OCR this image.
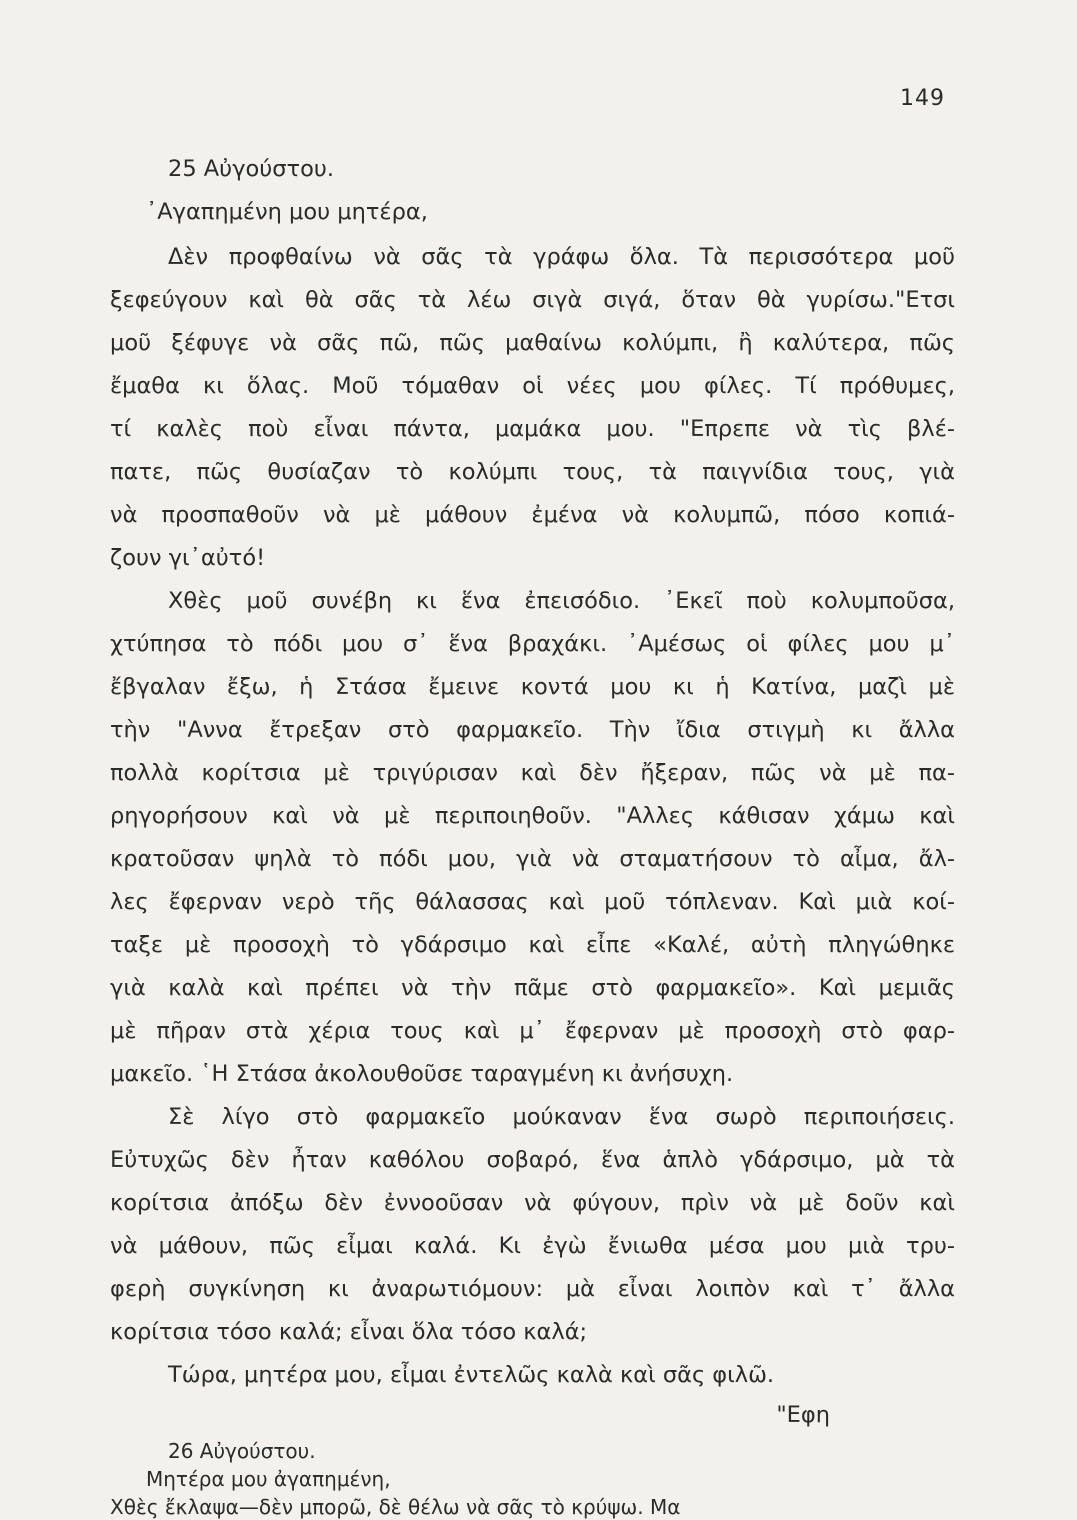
149
25 Αὐγούστου.
᾿Αγαπημένη μου μητέρα,
Δὲν προφθαίνω νὰ σᾶς τὰ γράφω ὅλα. Τὰ περισσότερα μοῦ
ξεφεύγουν καὶ θὰ σᾶς τὰ λέω σιγὰ σιγά, ὅταν θὰ γυρίσω."Ετσι
μοῦ ξέφυγε νὰ σᾶς πῶ, πῶς μαθαίνω κολύμπι, ἢ καλύτερα, πῶς
ἔμαθα κι ὅλας. Μοῦ τόμαθαν οἱ νέες μου φίλες. Τί πρόθυμες,
τί καλὲς ποὺ εἶναι πάντα, μαμάκα μου. "Επρεπε νὰ τὶς βλέ-
πατε, πῶς θυσίαζαν τὸ κολύμπι τους, τὰ παιγνίδια τους, γιὰ
νὰ προσπαθοῦν νὰ μὲ μάθουν ἐμένα νὰ κολυμπῶ, πόσο κοπιά-
ζουν γι᾿αὐτό!
Χθὲς μοῦ συνέβη κι ἕνα ἐπεισόδιο. ᾿Εκεῖ ποὺ κολυμποῦσα,
χτύπησα τὸ πόδι μου σ᾿ ἕνα βραχάκι. ᾿Αμέσως οἱ φίλες μου μ᾿
ἔβγαλαν ἔξω, ἡ Στάσα ἔμεινε κοντά μου κι ἡ Κατίνα, μαζὶ μὲ
τὴν "Αννα ἔτρεξαν στὸ φαρμακεῖο. Τὴν ἴδια στιγμὴ κι ἄλλα
πολλὰ κορίτσια μὲ τριγύρισαν καὶ δὲν ἤξεραν, πῶς νὰ μὲ πα-
ρηγορήσουν καὶ νὰ μὲ περιποιηθοῦν. "Αλλες κάθισαν χάμω καὶ
κρατοῦσαν ψηλὰ τὸ πόδι μου, γιὰ νὰ σταματήσουν τὸ αἶμα, ἄλ-
λες ἔφερναν νερὸ τῆς θάλασσας καὶ μοῦ τόπλεναν. Καὶ μιὰ κοί-
ταξε μὲ προσοχὴ τὸ γδάρσιμο καὶ εἶπε «Καλέ, αὐτὴ πληγώθηκε
γιὰ καλὰ καὶ πρέπει νὰ τὴν πᾶμε στὸ φαρμακεῖο». Καὶ μεμιᾶς
μὲ πῆραν στὰ χέρια τους καὶ μ᾿ ἔφερναν μὲ προσοχὴ στὸ φαρ-
μακεῖο. ῾Η Στάσα ἀκολουθοῦσε ταραγμένη κι ἀνήσυχη.
Σὲ λίγο στὸ φαρμακεῖο μούκαναν ἕνα σωρὸ περιποιήσεις.
Εὐτυχῶς δὲν ἦταν καθόλου σοβαρό, ἕνα ἁπλὸ γδάρσιμο, μὰ τὰ
κορίτσια ἀπόξω δὲν ἐννοοῦσαν νὰ φύγουν, πρὶν νὰ μὲ δοῦν καὶ
νὰ μάθουν, πῶς εἶμαι καλά. Κι ἐγὼ ἔνιωθα μέσα μου μιὰ τρυ-
φερὴ συγκίνηση κι ἀναρωτιόμουν: μὰ εἶναι λοιπὸν καὶ τ᾿ ἄλλα
κορίτσια τόσο καλά; εἶναι ὅλα τόσο καλά;
Τώρα, μητέρα μου, εἶμαι ἐντελῶς καλὰ καὶ σᾶς φιλῶ.
"Εφη
26 Αὐγούστου.
Μητέρα μου ἀγαπημένη,
Χθὲς ἔκλαψα—δὲν μπορῶ, δὲ θέλω νὰ σᾶς τὸ κρύψω. Μα
